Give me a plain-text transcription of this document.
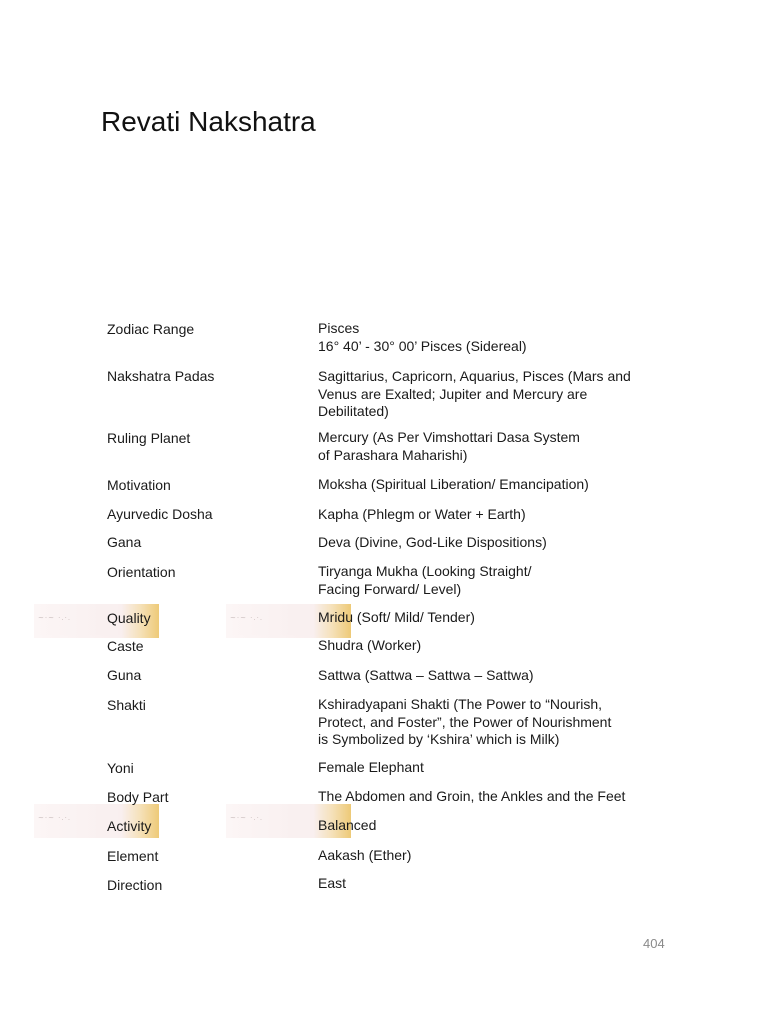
Revati Nakshatra
~·~ ·.·.
~·~ ·.·.
~·~ ·.·.
~·~ ·.·.
Zodiac Range	Pisces
16° 40’ - 30° 00’ Pisces (Sidereal)
Nakshatra Padas	Sagittarius, Capricorn, Aquarius, Pisces (Mars and
Venus are Exalted; Jupiter and Mercury are
Debilitated)
Ruling Planet	Mercury (As Per Vimshottari Dasa System
of Parashara Maharishi)
Motivation	Moksha (Spiritual Liberation/ Emancipation)
Ayurvedic Dosha	Kapha (Phlegm or Water + Earth)
Gana	Deva (Divine, God-Like Dispositions)
Orientation	Tiryanga Mukha (Looking Straight/
Facing Forward/ Level)
Quality	Mridu (Soft/ Mild/ Tender)
Caste	Shudra (Worker)
Guna	Sattwa (Sattwa – Sattwa – Sattwa)
Shakti	Kshiradyapani Shakti (The Power to “Nourish,
Protect, and Foster”, the Power of Nourishment
is Symbolized by ‘Kshira’ which is Milk)
Yoni	Female Elephant
Body Part	The Abdomen and Groin, the Ankles and the Feet
Activity	Balanced
Element	Aakash (Ether)
Direction	East
404
